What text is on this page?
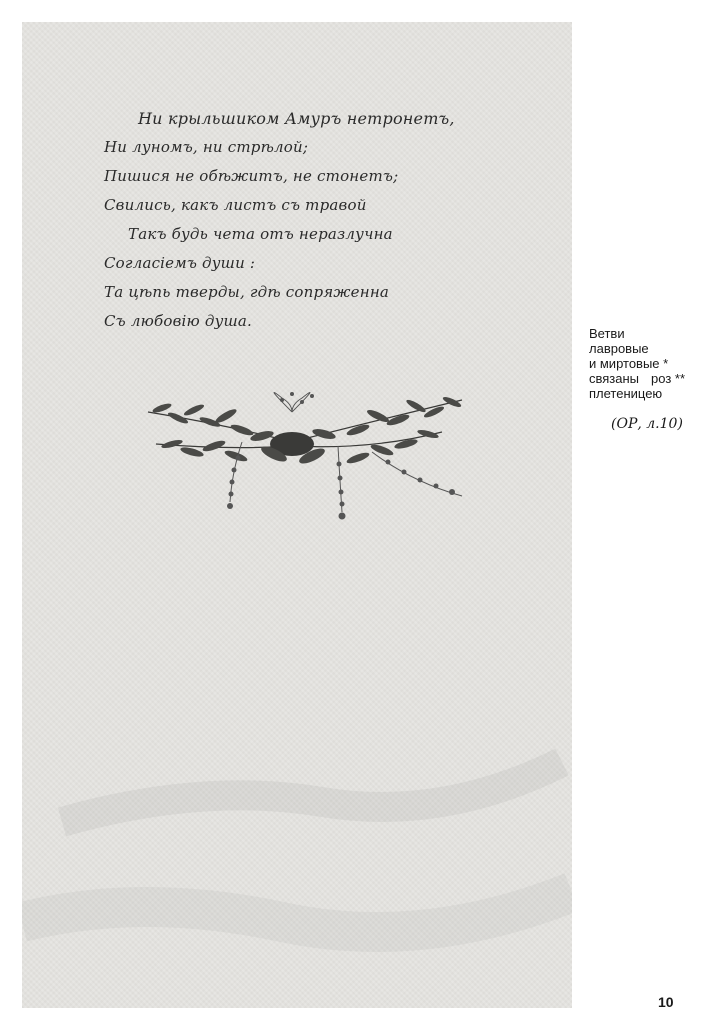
Ни крыльшиком Амуръ нетронетъ,
Ни луномъ, ни стрѣлой;
Пишися не обѣжитъ, не стонетъ;
Свились, какъ листъ съ травой
Такъ будь чета отъ неразлучна
Согласіемъ души :
Та цѣпь тверды, гдѣ сопряженна
Съ любовію душа.
Ветви
лавровые
и миртовые *
связаны роз **
плетеницею
(ОР, л.10)
10
